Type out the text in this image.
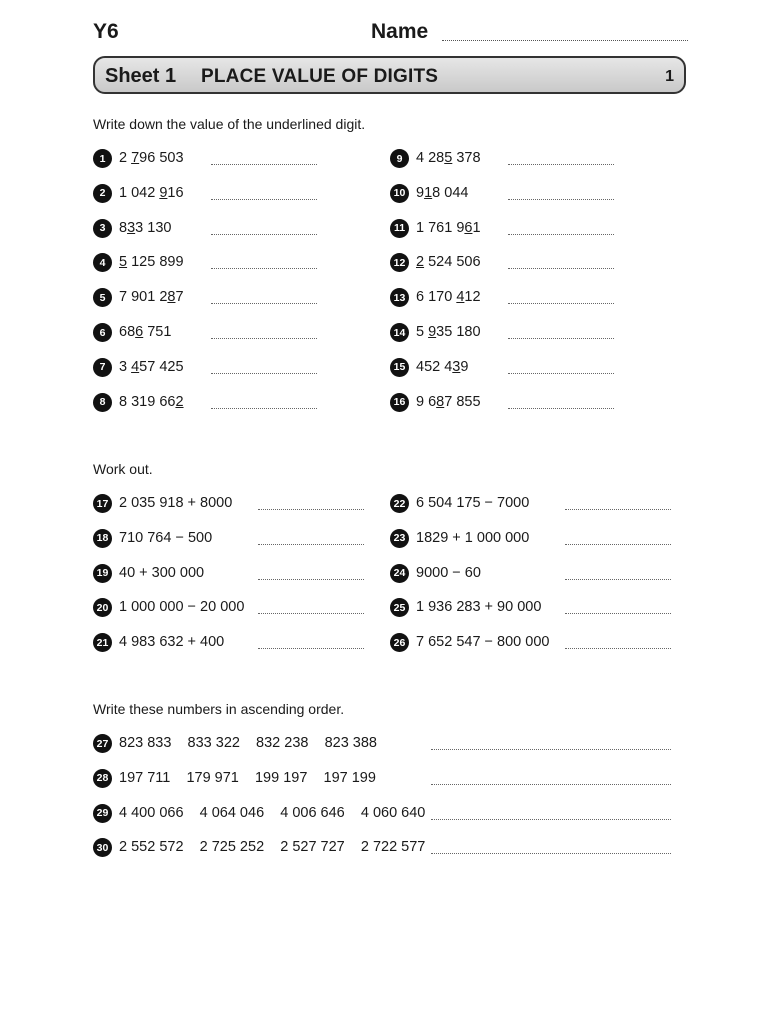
Y6	Name
Sheet 1 PLACE VALUE OF DIGITS	1
Write down the value of the underlined digit.
1 2 796 503
2 1 042 916
3 833 130
4 5 125 899
5 7 901 287
6 686 751
7 3 457 425
8 8 319 662
9 4 285 378
10 918 044
11 1 761 961
12 2 524 506
13 6 170 412
14 5 935 180
15 452 439
16 9 687 855
Work out.
17 2 035 918 + 8000
18 710 764 − 500
19 40 + 300 000
20 1 000 000 − 20 000
21 4 983 632 + 400
22 6 504 175 − 7000
23 1829 + 1 000 000
24 9000 − 60
25 1 936 283 + 90 000
26 7 652 547 − 800 000
Write these numbers in ascending order.
27 823 833    833 322    832 238    823 388
28 197 711    179 971    199 197    197 199
29 4 400 066    4 064 046    4 006 646    4 060 640
30 2 552 572    2 725 252    2 527 727    2 722 577
